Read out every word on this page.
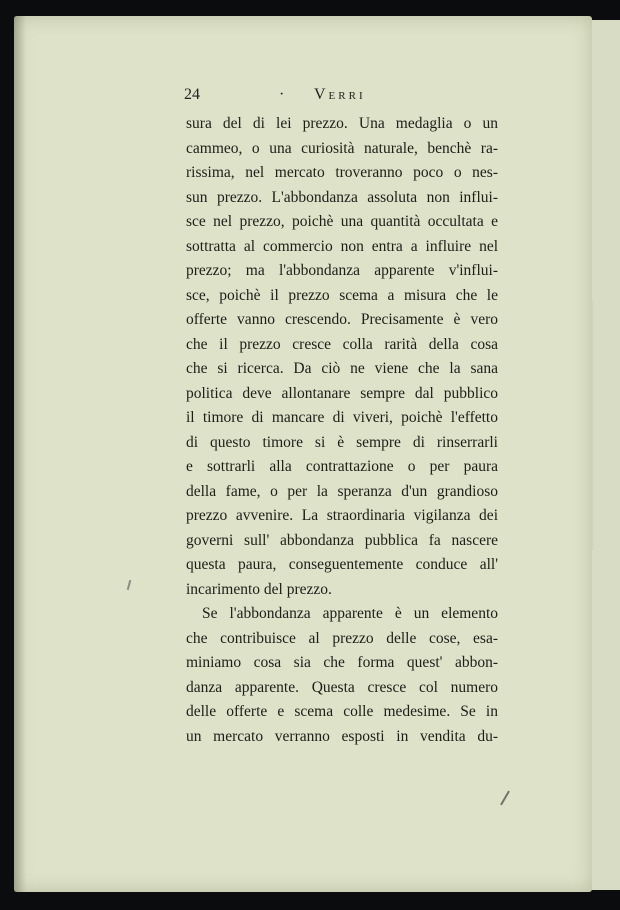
24	· Verri
sura del di lei prezzo. Una medaglia o un
cammeo, o una curiosità naturale, benchè ra-
rissima, nel mercato troveranno poco o nes-
sun prezzo. L'abbondanza assoluta non influi-
sce nel prezzo, poichè una quantità occultata e
sottratta al commercio non entra a influire nel
prezzo; ma l'abbondanza apparente v'influi-
sce, poichè il prezzo scema a misura che le
offerte vanno crescendo. Precisamente è vero
che il prezzo cresce colla rarità della cosa
che si ricerca. Da ciò ne viene che la sana
politica deve allontanare sempre dal pubblico
il timore di mancare di viveri, poichè l'effetto
di questo timore si è sempre di rinserrarli
e sottrarli alla contrattazione o per paura
della fame, o per la speranza d'un grandioso
prezzo avvenire. La straordinaria vigilanza dei
governi sull' abbondanza pubblica fa nascere
questa paura, conseguentemente conduce all'
incarimento del prezzo.
Se l'abbondanza apparente è un elemento
che contribuisce al prezzo delle cose, esa-
miniamo cosa sia che forma quest' abbon-
danza apparente. Questa cresce col numero
delle offerte e scema colle medesime. Se in
un mercato verranno esposti in vendita du-
